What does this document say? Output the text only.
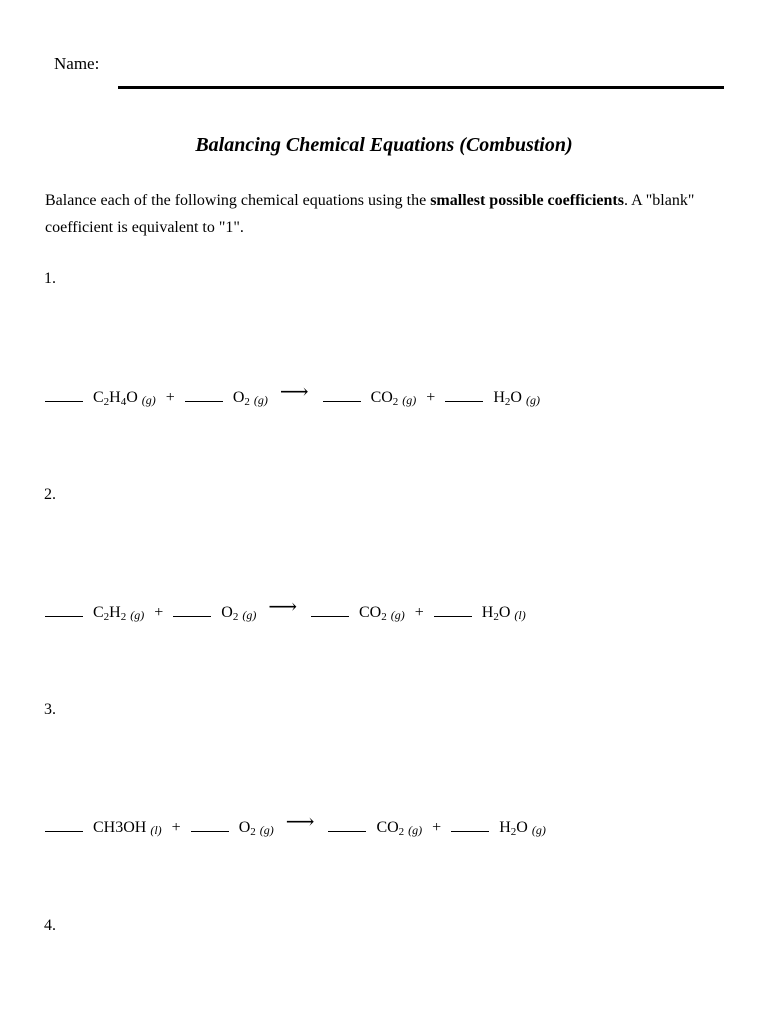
Name:
Balancing Chemical Equations (Combustion)
Balance each of the following chemical equations using the smallest possible coefficients. A "blank" coefficient is equivalent to "1".
1.
$C_2H_4O$ (g) +	$O_2$ (g) ⟶	$CO_2$ (g) +	$H_2O$ (g)
2.
$C_2H_2$ (g) +	$O_2$ (g) ⟶	$CO_2$ (g) +	$H_2O$ (l)
3.
CH3OH (l) +	$O_2$ (g) ⟶	$CO_2$ (g) +	$H_2O$ (g)
4.
